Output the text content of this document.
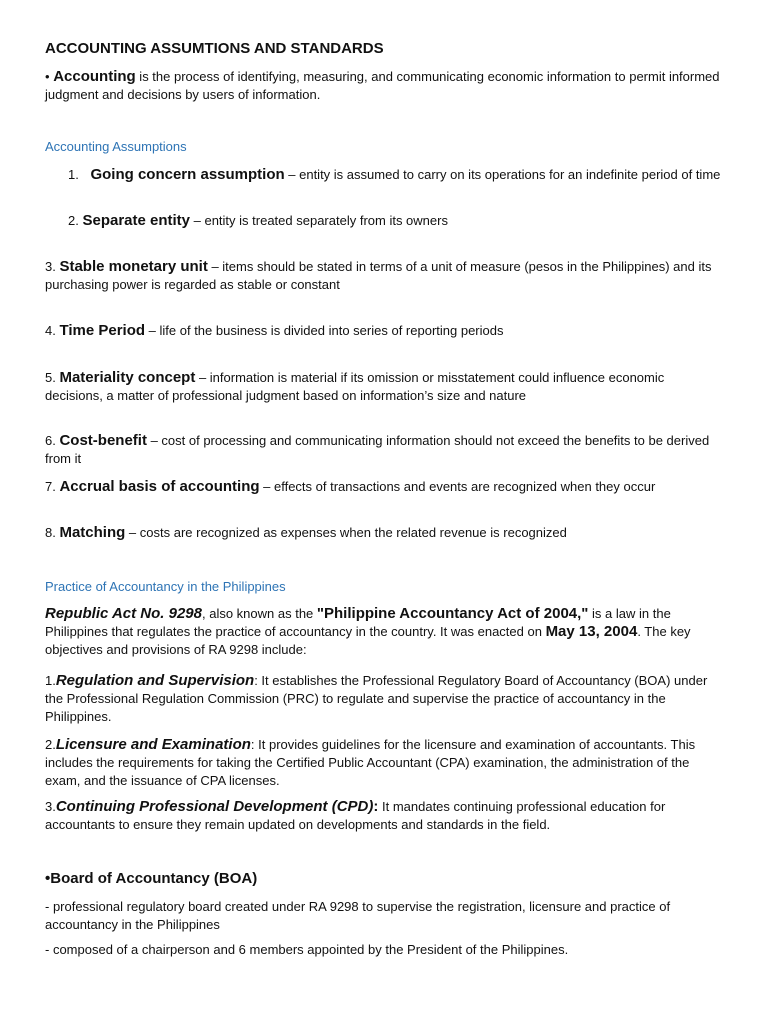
ACCOUNTING ASSUMTIONS AND STANDARDS
• Accounting is the process of identifying, measuring, and communicating economic information to permit informed judgment and decisions by users of information.
Accounting Assumptions
1. Going concern assumption – entity is assumed to carry on its operations for an indefinite period of time
2. Separate entity – entity is treated separately from its owners
3. Stable monetary unit – items should be stated in terms of a unit of measure (pesos in the Philippines) and its purchasing power is regarded as stable or constant
4. Time Period – life of the business is divided into series of reporting periods
5. Materiality concept – information is material if its omission or misstatement could influence economic decisions, a matter of professional judgment based on information’s size and nature
6. Cost-benefit – cost of processing and communicating information should not exceed the benefits to be derived from it
7. Accrual basis of accounting – effects of transactions and events are recognized when they occur
8. Matching – costs are recognized as expenses when the related revenue is recognized
Practice of Accountancy in the Philippines
Republic Act No. 9298, also known as the "Philippine Accountancy Act of 2004," is a law in the Philippines that regulates the practice of accountancy in the country. It was enacted on May 13, 2004. The key objectives and provisions of RA 9298 include:
1.Regulation and Supervision: It establishes the Professional Regulatory Board of Accountancy (BOA) under the Professional Regulation Commission (PRC) to regulate and supervise the practice of accountancy in the Philippines.
2.Licensure and Examination: It provides guidelines for the licensure and examination of accountants. This includes the requirements for taking the Certified Public Accountant (CPA) examination, the administration of the exam, and the issuance of CPA licenses.
3.Continuing Professional Development (CPD): It mandates continuing professional education for accountants to ensure they remain updated on developments and standards in the field.
•Board of Accountancy (BOA)
- professional regulatory board created under RA 9298 to supervise the registration, licensure and practice of accountancy in the Philippines
- composed of a chairperson and 6 members appointed by the President of the Philippines.
